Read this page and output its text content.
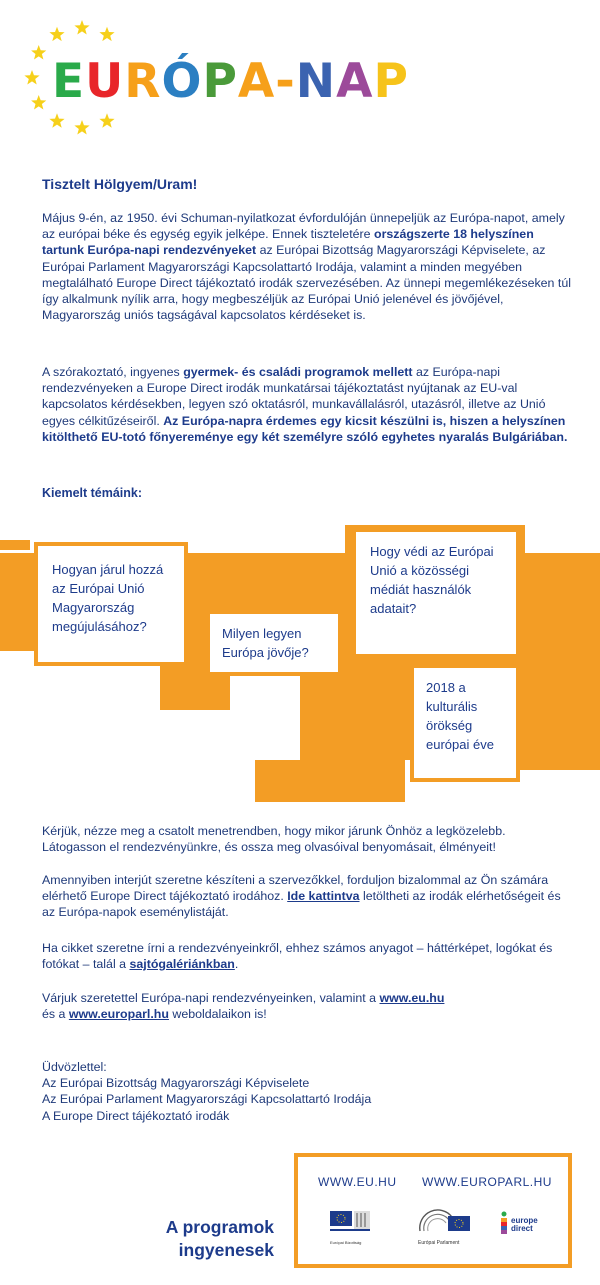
EURÓPA-NAP
Tisztelt Hölgyem/Uram!
Május 9-én, az 1950. évi Schuman-nyilatkozat évfordulóján ünnepeljük az Európa-napot, amely az európai béke és egység egyik jelképe. Ennek tiszteletére országszerte 18 helyszínen tartunk Európa-napi rendezvényeket az Európai Bizottság Magyarországi Képviselete, az Európai Parlament Magyarországi Kapcsolattartó Irodája, valamint a minden megyében megtalálható Europe Direct tájékoztató irodák szervezésében. Az ünnepi megemlékezéseken túl így alkalmunk nyílik arra, hogy megbeszéljük az Európai Unió jelenével és jövőjével, Magyarország uniós tagságával kapcsolatos kérdéseket is.
A szórakoztató, ingyenes gyermek- és családi programok mellett az Európa-napi rendezvényeken a Europe Direct irodák munkatársai tájékoztatást nyújtanak az EU-val kapcsolatos kérdésekben, legyen szó oktatásról, munkavállalásról, utazásról, illetve az Unió egyes célkitűzéseiről. Az Európa-napra érdemes egy kicsit készülni is, hiszen a helyszínen kitölthető EU-totó főnyereménye egy két személyre szóló egyhetes nyaralás Bulgáriában.
Kiemelt témáink:
Hogyan járul hozzá az Európai Unió Magyarország megújulásához?	Milyen legyen Európa jövője?
Hogy védi az Európai Unió a közösségi médiát használók adatait?
2018 a kulturális örökség európai éve
Kérjük, nézze meg a csatolt menetrendben, hogy mikor járunk Önhöz a legközelebb. Látogasson el rendezvényünkre, és ossza meg olvasóival benyomásait, élményeit!
Amennyiben interjút szeretne készíteni a szervezőkkel, forduljon bizalommal az Ön számára elérhető Europe Direct tájékoztató irodához. Ide kattintva letöltheti az irodák elérhetőségeit és az Európa-napok eseménylistáját.
Ha cikket szeretne írni a rendezvényeinkről, ehhez számos anyagot – háttérképet, logókat és fotókat – talál a sajtógalériánkban.
Várjuk szeretettel Európa-napi rendezvényeinken, valamint a www.eu.hu
és a www.europarl.hu weboldalaikon is!
Üdvözlettel:
Az Európai Bizottság Magyarországi Képviselete
Az Európai Parlament Magyarországi Kapcsolattartó Irodája
A Europe Direct tájékoztató irodák
A programok
ingyenesek
WWW.EU.HU WWW.EUROPARL.HU
Európai Bizottság	Európai Parlament
europe
direct
